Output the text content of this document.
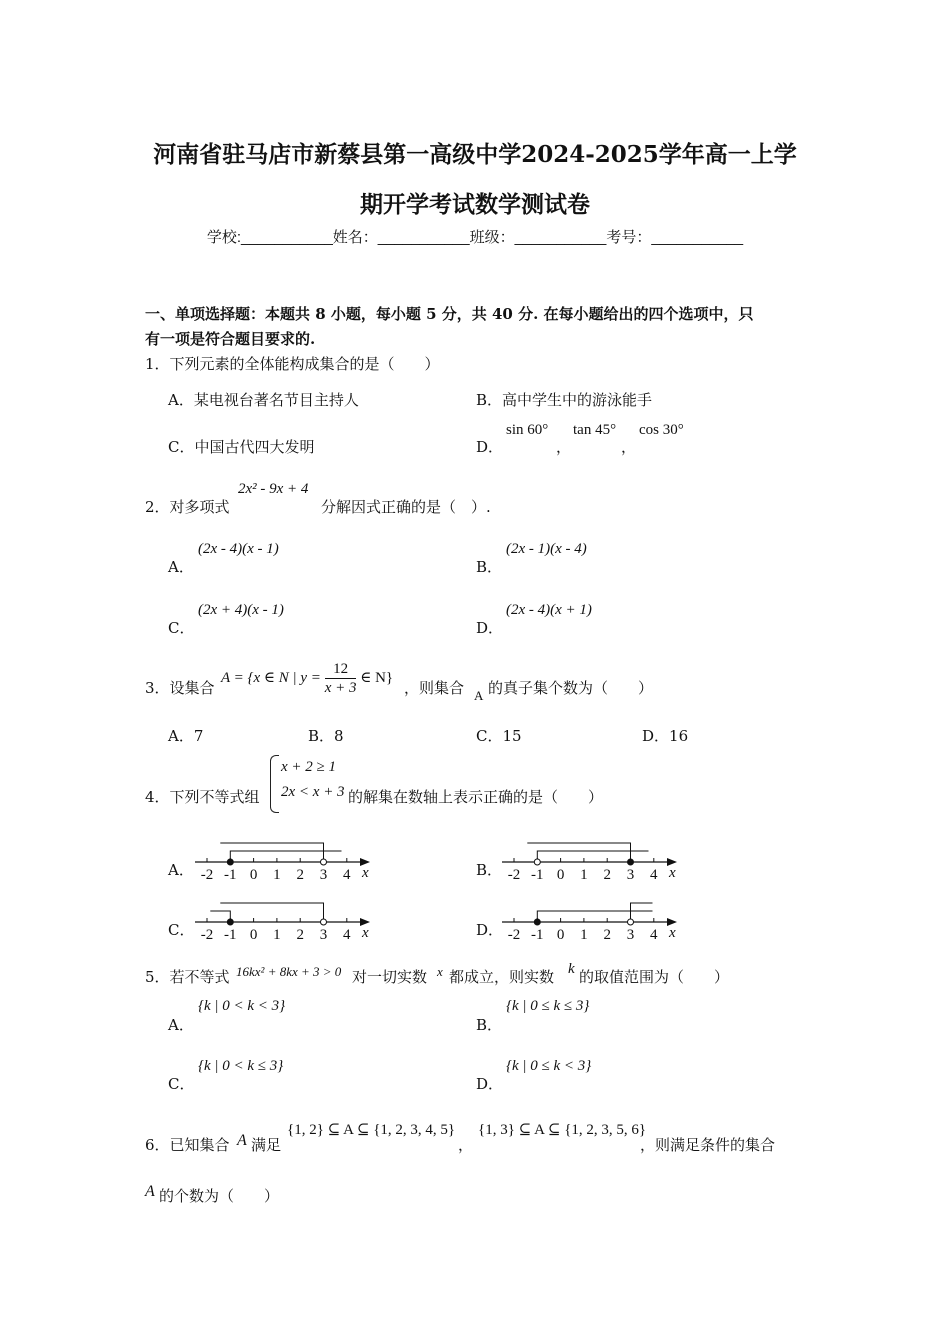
河南省驻马店市新蔡县第一高级中学2024-2025学年高一上学
期开学考试数学测试卷
学校:___________姓名：___________班级：___________考号：___________
一、单项选择题：本题共 8 小题，每小题 5 分，共 40 分. 在每小题给出的四个选项中，只
有一项是符合题目要求的.
1．下列元素的全体能构成集合的是（　　）
A．某电视台著名节目主持人	B．高中学生中的游泳能手
C．中国古代四大发明	D．
sin 60°
，
tan 45°
，
cos 30°
2．对多项式
2x² - 9x + 4
分解因式正确的是（　）.
A．
(2x - 4)(x - 1)
B．
(2x - 1)(x - 4)
C．
(2x + 4)(x - 1)
D．
(2x - 4)(x + 1)
3．设集合
A = {x ∈ N | $y = \frac{12}{x + 3}$ ∈ N}
，则集合 A 的真子集个数为（　　）
A．7	B．8	C．15	D．16
4．下列不等式组
x + 2 ≥ 1
2x < x + 3 的解集在数轴上表示正确的是（　　）
A．	B．
C．	D．
-2 -1 0 1 2 3 4 x	-2 -1 0 1 2 3 4 x
-2 -1 0 1 2 3 4 x	-2 -1 0 1 2 3 4 x
5．若不等式 16kx² + 8kx + 3 > 0 对一切实数 x 都成立，则实数 k 的取值范围为（　　）
A．
{k | 0 < k < 3}
B．
{k | 0 ≤ k ≤ 3}
C．
{k | 0 < k ≤ 3}
D．
{k | 0 ≤ k < 3}
6．已知集合 A 满足
{1, 2} ⊆ A ⊆ {1, 2, 3, 4, 5}
，
{1, 3} ⊆ A ⊆ {1, 2, 3, 5, 6}
，则满足条件的集合
A 的个数为（　　）
